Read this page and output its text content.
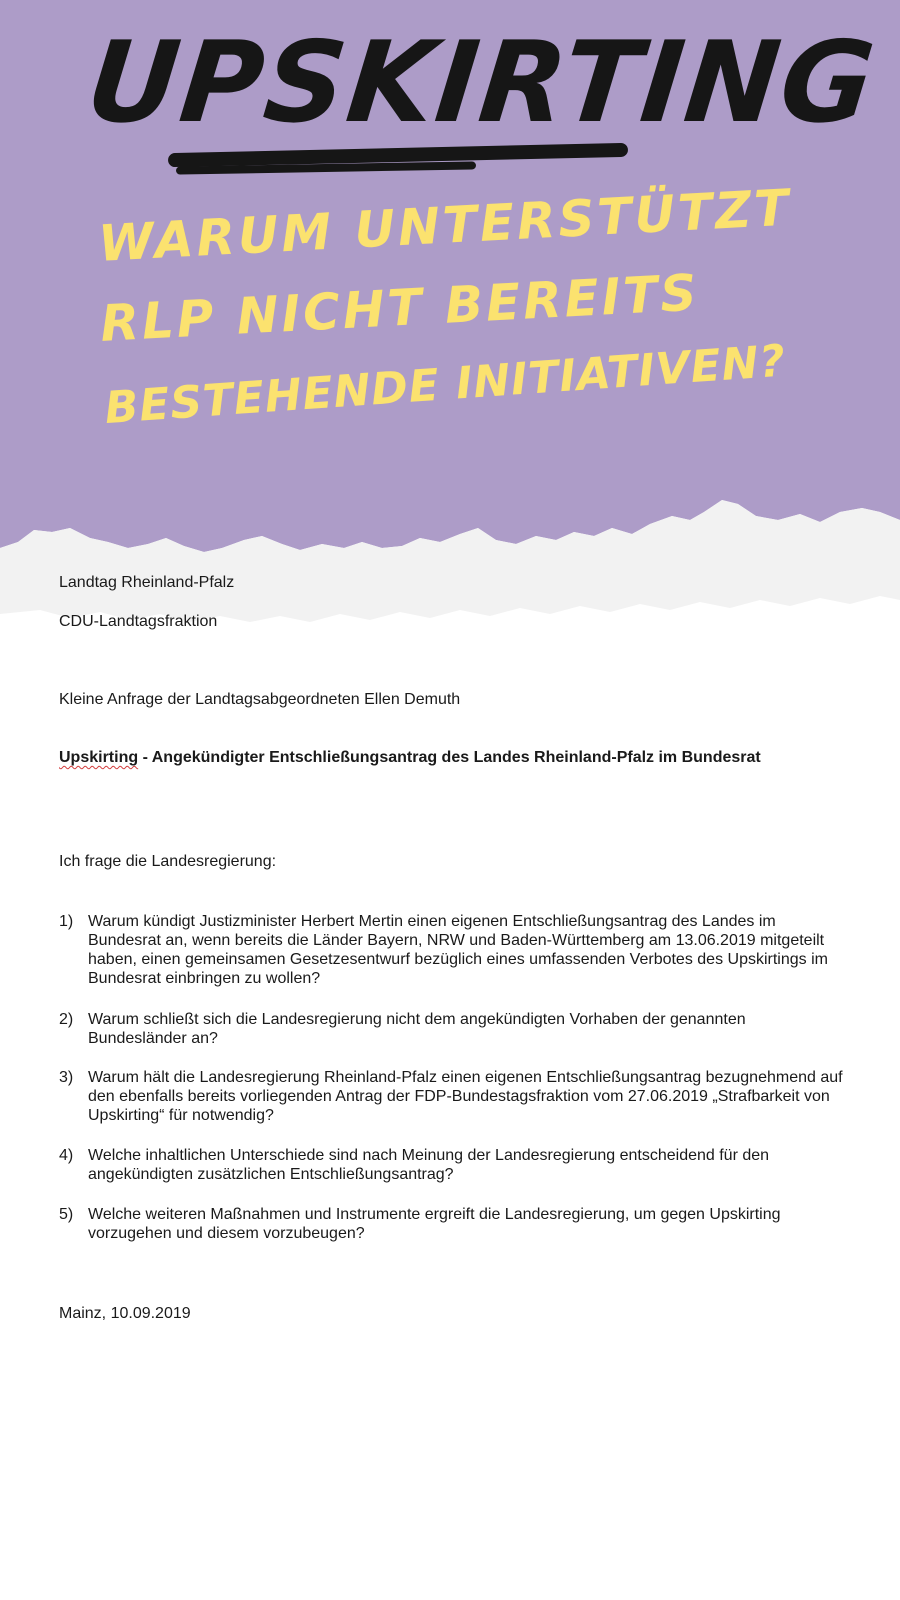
UPSKIRTING
WARUM UNTERSTÜTZT
RLP NICHT BEREITS
BESTEHENDE INITIATIVEN?
Landtag Rheinland-Pfalz
CDU-Landtagsfraktion
Kleine Anfrage der Landtagsabgeordneten Ellen Demuth
Upskirting - Angekündigter Entschließungsantrag des Landes Rheinland-Pfalz im Bundesrat
Ich frage die Landesregierung:
1) Warum kündigt Justizminister Herbert Mertin einen eigenen Entschließungsantrag des Landes im Bundesrat an, wenn bereits die Länder Bayern, NRW und Baden-Württemberg am 13.06.2019 mitgeteilt haben, einen gemeinsamen Gesetzesentwurf bezüglich eines umfassenden Verbotes des Upskirtings im Bundesrat einbringen zu wollen?
2) Warum schließt sich die Landesregierung nicht dem angekündigten Vorhaben der genannten Bundesländer an?
3) Warum hält die Landesregierung Rheinland-Pfalz einen eigenen Entschließungsantrag bezugnehmend auf den ebenfalls bereits vorliegenden Antrag der FDP-Bundestagsfraktion vom 27.06.2019 „Strafbarkeit von Upskirting“ für notwendig?
4) Welche inhaltlichen Unterschiede sind nach Meinung der Landesregierung entscheidend für den angekündigten zusätzlichen Entschließungsantrag?
5) Welche weiteren Maßnahmen und Instrumente ergreift die Landesregierung, um gegen Upskirting vorzugehen und diesem vorzubeugen?
Mainz, 10.09.2019
